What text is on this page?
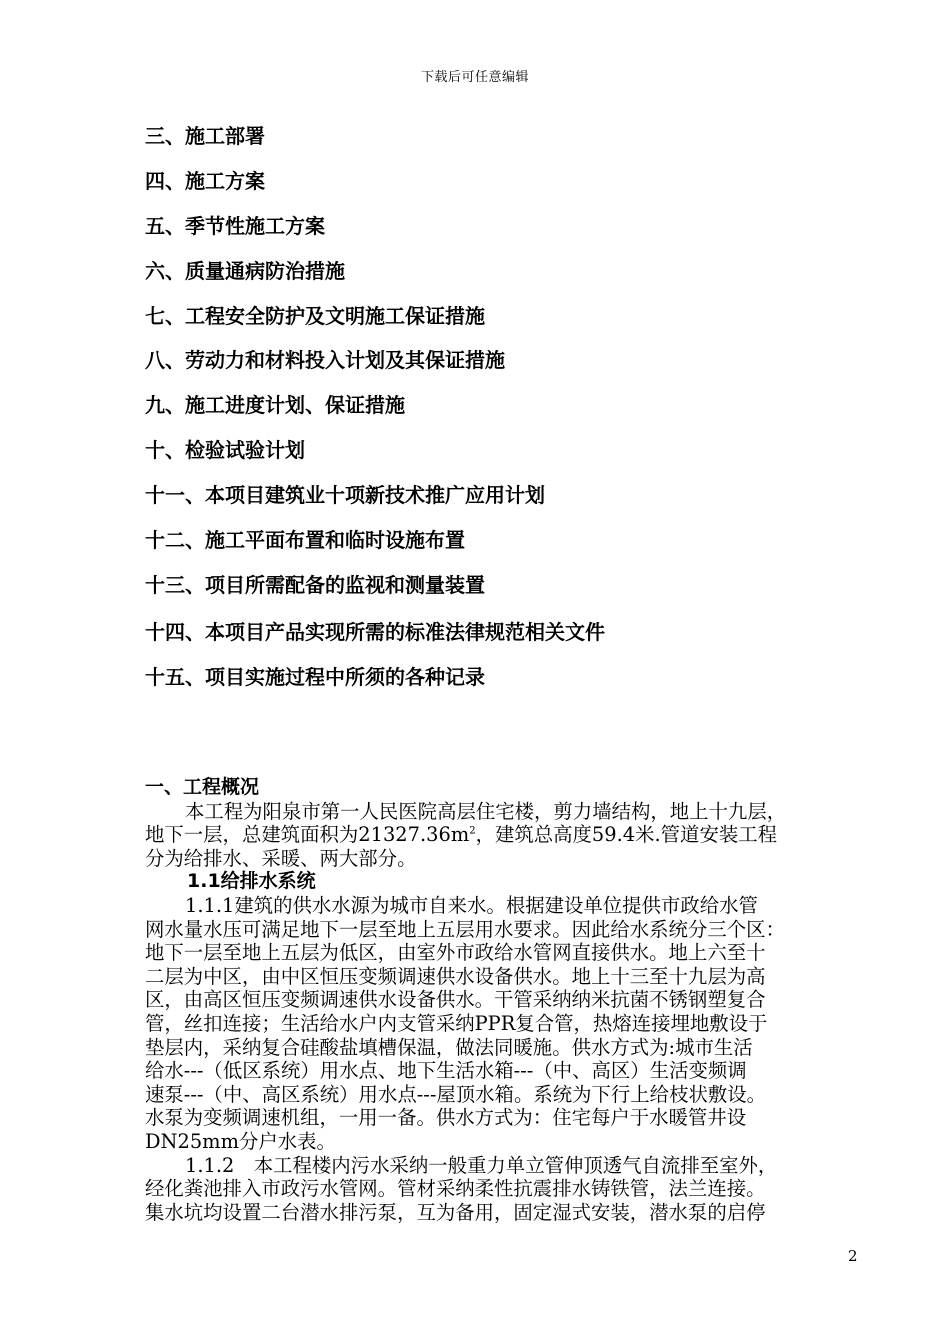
下载后可任意编辑
三、施工部署
四、施工方案
五、季节性施工方案
六、质量通病防治措施
七、工程安全防护及文明施工保证措施
八、劳动力和材料投入计划及其保证措施
九、施工进度计划、保证措施
十、检验试验计划
十一、本项目建筑业十项新技术推广应用计划
十二、施工平面布置和临时设施布置
十三、项目所需配备的监视和测量装置
十四、本项目产品实现所需的标准法律规范相关文件
十五、项目实施过程中所须的各种记录
一、工程概况

本工程为阳泉市第一人民医院高层住宅楼，剪力墙结构，地上十九层，

地下一层，总建筑面积为$21327.36m^2$，建筑总高度59.4米.管道安装工程

分为给排水、采暖、两大部分。

1.1给排水系统

1.1.1建筑的供水水源为城市自来水。根据建设单位提供市政给水管

网水量水压可满足地下一层至地上五层用水要求。因此给水系统分三个区：

地下一层至地上五层为低区，由室外市政给水管网直接供水。地上六至十

二层为中区，由中区恒压变频调速供水设备供水。地上十三至十九层为高

区，由高区恒压变频调速供水设备供水。干管采纳纳米抗菌不锈钢塑复合

管，丝扣连接；生活给水户内支管采纳PPR复合管，热熔连接埋地敷设于

垫层内，采纳复合硅酸盐填槽保温，做法同暖施。供水方式为:城市生活

给水---（低区系统）用水点、地下生活水箱---（中、高区）生活变频调

速泵---（中、高区系统）用水点---屋顶水箱。系统为下行上给枝状敷设。

水泵为变频调速机组，一用一备。供水方式为：住宅每户于水暖管井设

DN25mm分户水表。

1.1.2　本工程楼内污水采纳一般重力单立管伸顶透气自流排至室外，

经化粪池排入市政污水管网。管材采纳柔性抗震排水铸铁管，法兰连接。

集水坑均设置二台潜水排污泵，互为备用，固定湿式安装，潜水泵的启停

2
